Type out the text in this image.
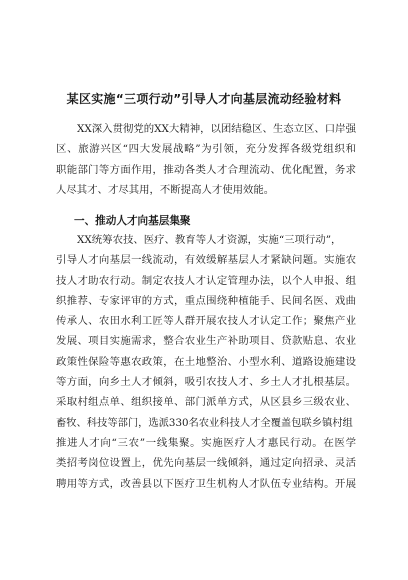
某区实施“三项行动”引导人才向基层流动经验材料
XX深入贯彻党的XX大精神，以团结稳区、生态立区、口岸强
区、旅游兴区“四大发展战略”为引领，充分发挥各级党组织和
职能部门等方面作用，推动各类人才合理流动、优化配置，务求
人尽其才、才尽其用，不断提高人才使用效能。
一、推动人才向基层集聚
XX统筹农技、医疗、教育等人才资源，实施“三项行动”，
引导人才向基层一线流动，有效缓解基层人才紧缺问题。实施农
技人才助农行动。制定农技人才认定管理办法，以个人申报、组
织推荐、专家评审的方式，重点围绕种植能手、民间名医、戏曲
传承人、农田水利工匠等人群开展农技人才认定工作；聚焦产业
发展、项目实施需求，整合农业生产补助项目、贷款贴息、农业
政策性保险等惠农政策，在土地整治、小型水利、道路设施建设
等方面，向乡土人才倾斜，吸引农技人才、乡土人才扎根基层。
采取村组点单、组织接单、部门派单方式，从区县乡三级农业、
畜牧、科技等部门，选派330名农业科技人才全覆盖包联乡镇村组
推进人才向“三农”一线集聚。实施医疗人才惠民行动。在医学
类招考岗位设置上，优先向基层一线倾斜，通过定向招录、灵活
聘用等方式，改善县以下医疗卫生机构人才队伍专业结构。开展
